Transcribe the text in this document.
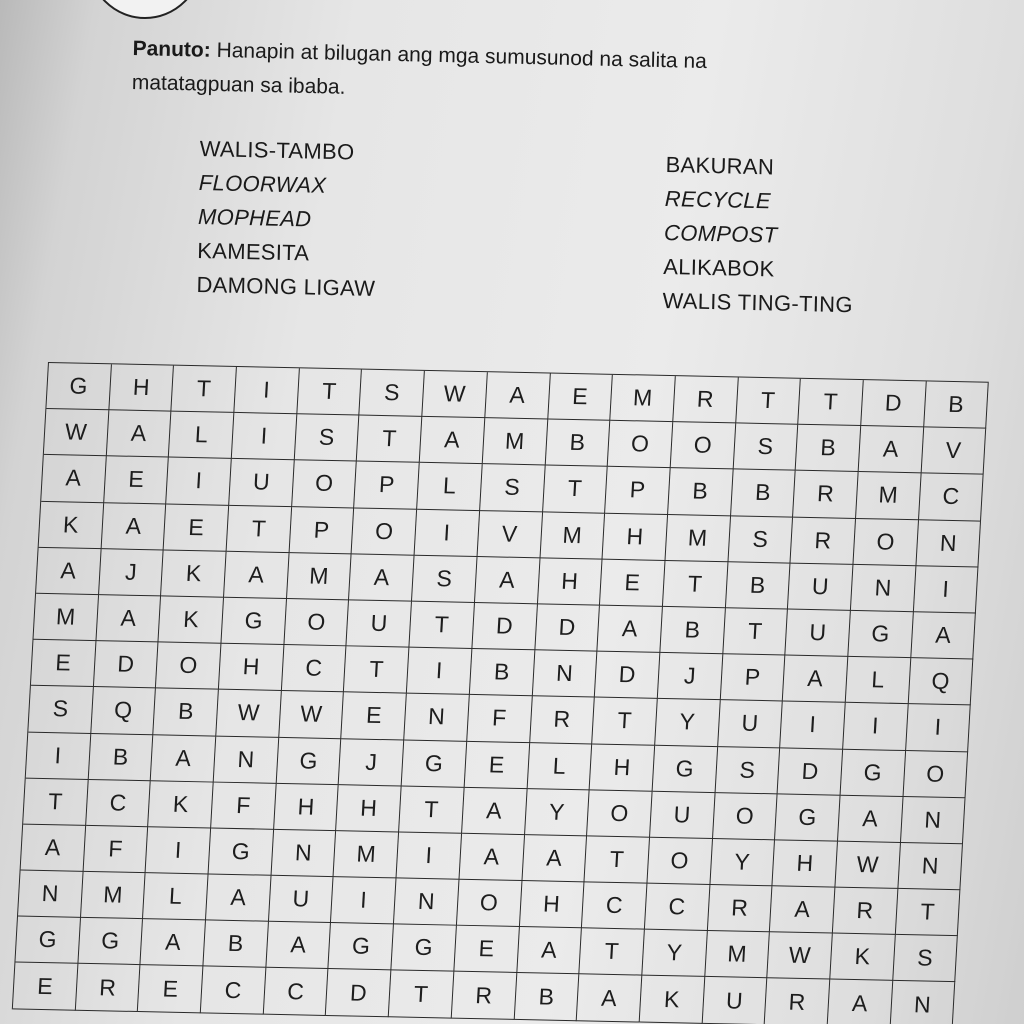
Panuto: Hanapin at bilugan ang mga sumusunod na salita na
matatagpuan sa ibaba.
WALIS-TAMBO
FLOORWAX
MOPHEAD
KAMESITA
DAMONG LIGAW
BAKURAN
RECYCLE
COMPOST
ALIKABOK
WALIS TING-TING
G	H	T	I	T	S	W	A	E	M	R	T	T	D	B
W	A	L	I	S	T	A	M	B	O	O	S	B	A	V
A	E	I	U	O	P	L	S	T	P	B	B	R	M	C
K	A	E	T	P	O	I	V	M	H	M	S	R	O	N
A	J	K	A	M	A	S	A	H	E	T	B	U	N	I
M	A	K	G	O	U	T	D	D	A	B	T	U	G	A
E	D	O	H	C	T	I	B	N	D	J	P	A	L	Q
S	Q	B	W	W	E	N	F	R	T	Y	U	I	I	I
I	B	A	N	G	J	G	E	L	H	G	S	D	G	O
T	C	K	F	H	H	T	A	Y	O	U	O	G	A	N
A	F	I	G	N	M	I	A	A	T	O	Y	H	W	N
N	M	L	A	U	I	N	O	H	C	C	R	A	R	T
G	G	A	B	A	G	G	E	A	T	Y	M	W	K	S
E	R	E	C	C	D	T	R	B	A	K	U	R	A	N
